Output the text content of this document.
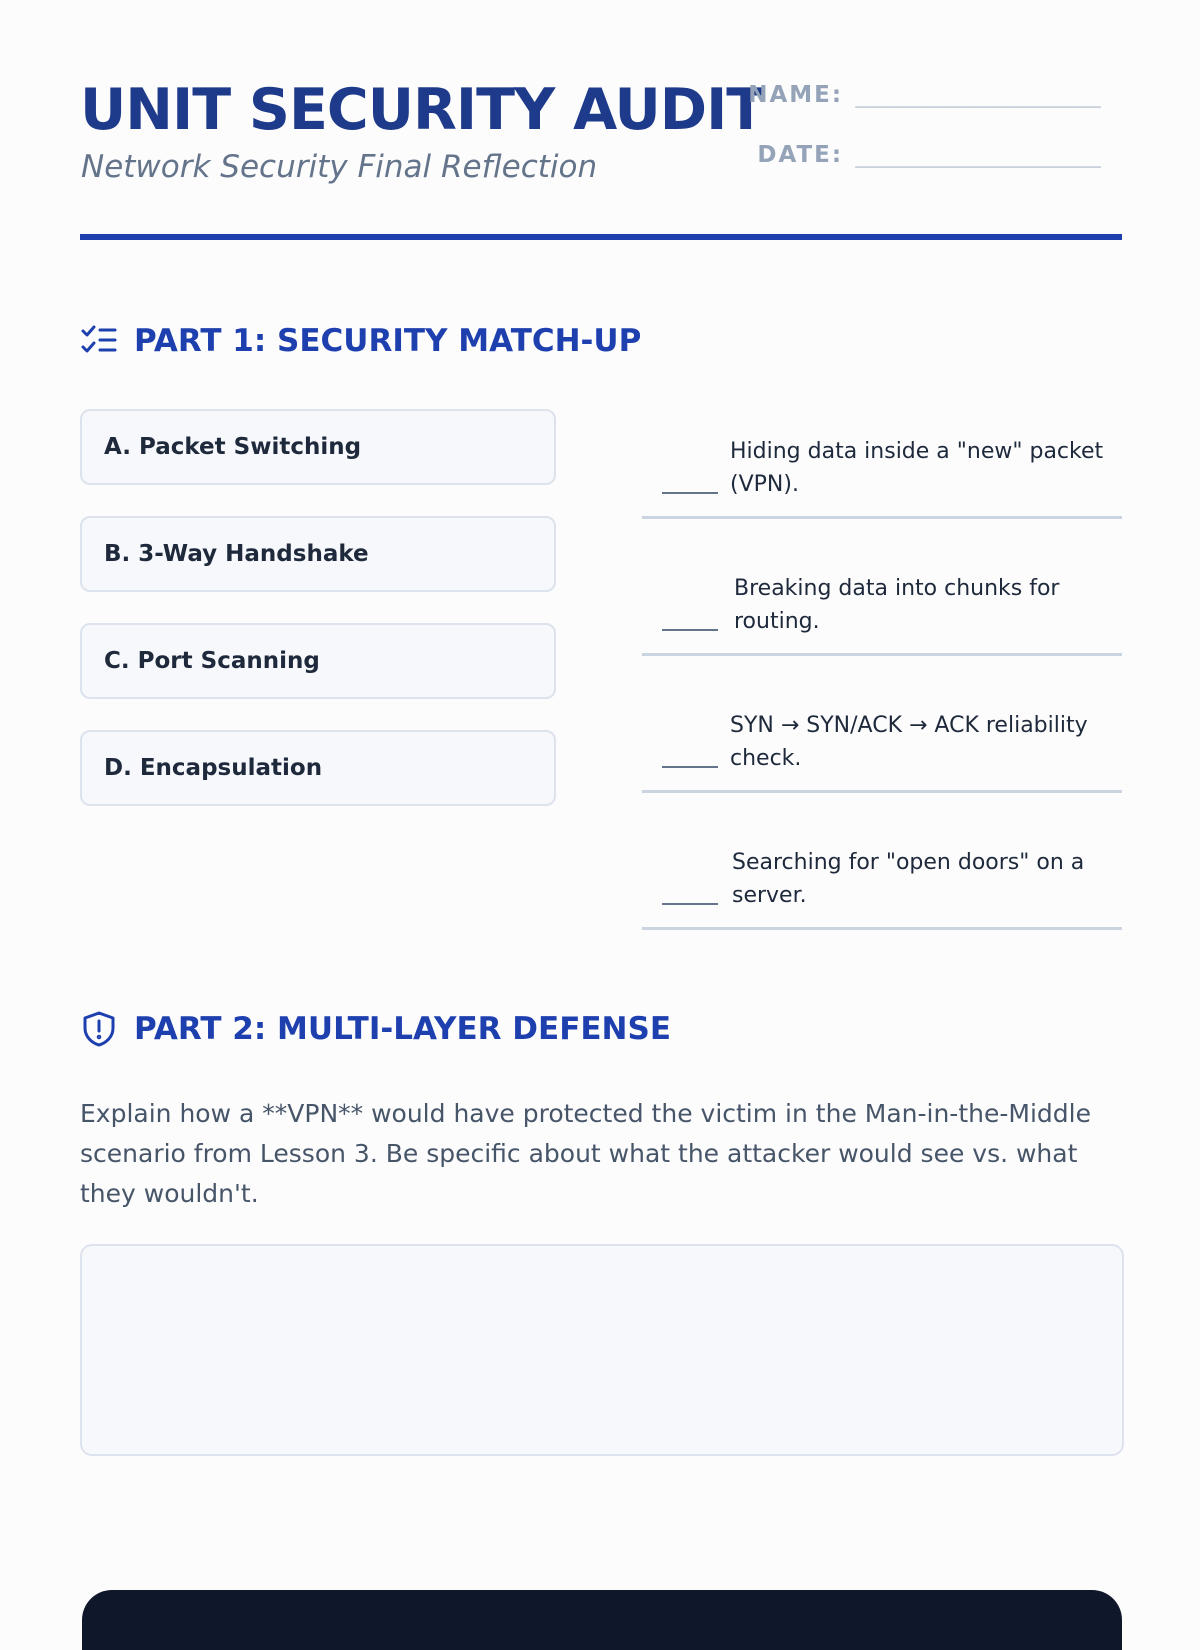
UNIT SECURITY AUDIT

Network Security Final Reflection

NAME: ____________________
DATE: ____________________
PART 1: SECURITY MATCH-UP
A. Packet Switching
B. 3-Way Handshake
C. Port Scanning
D. Encapsulation
Hiding data inside a "new" packet (VPN).
Breaking data into chunks for routing.
SYN → SYN/ACK → ACK reliability check.
Searching for "open doors" on a server.
PART 2: MULTI-LAYER DEFENSE

Explain how a **VPN** would have protected the victim in the Man-in-the-Middle scenario from Lesson 3. Be specific about what the attacker would see vs. what they wouldn't.
